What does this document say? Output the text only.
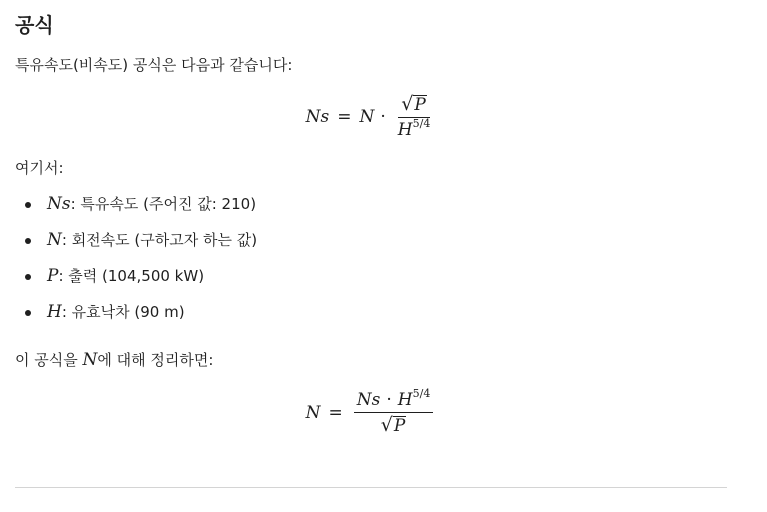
공식

특유속도(비속도) 공식은 다음과 같습니다:

$Ns = N \cdot \frac{√ P}{H^{5/4}}$

여기서:

Ns: 특유속도 (주어진 값: 210)
N: 회전속도 (구하고자 하는 값)
P: 출력 (104,500 kW)
H: 유효낙차 (90 m)

이 공식을 N에 대해 정리하면:

$N = \frac{Ns \cdot H^{5/4}}{√ P}$
